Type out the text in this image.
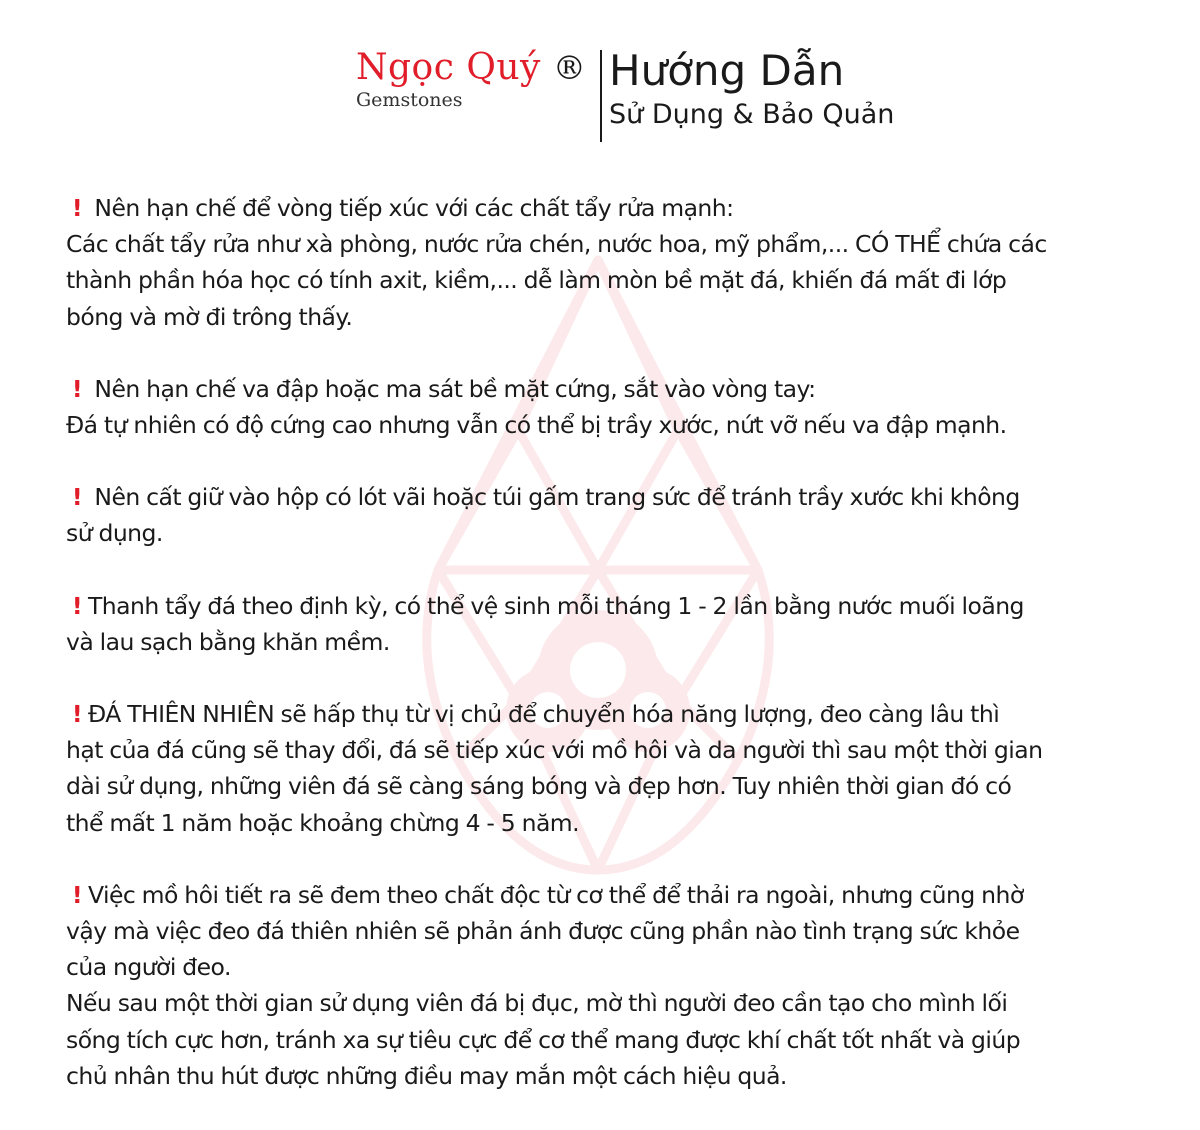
Ngọc Quý ®
Gemstones
Hướng Dẫn
Sử Dụng & Bảo Quản
! Nên hạn chế để vòng tiếp xúc với các chất tẩy rửa mạnh:
Các chất tẩy rửa như xà phòng, nước rửa chén, nước hoa, mỹ phẩm,... CÓ THỂ chứa các
thành phần hóa học có tính axit, kiềm,... dễ làm mòn bề mặt đá, khiến đá mất đi lớp
bóng và mờ đi trông thấy.
! Nên hạn chế va đập hoặc ma sát bề mặt cứng, sắt vào vòng tay:
Đá tự nhiên có độ cứng cao nhưng vẫn có thể bị trầy xước, nứt vỡ nếu va đập mạnh.
! Nên cất giữ vào hộp có lót vãi hoặc túi gấm trang sức để tránh trầy xước khi không
sử dụng.
! Thanh tẩy đá theo định kỳ, có thể vệ sinh mỗi tháng 1 - 2 lần bằng nước muối loãng
và lau sạch bằng khăn mềm.
! ĐÁ THIÊN NHIÊN sẽ hấp thụ từ vị chủ để chuyển hóa năng lượng, đeo càng lâu thì
hạt của đá cũng sẽ thay đổi, đá sẽ tiếp xúc với mồ hôi và da người thì sau một thời gian
dài sử dụng, những viên đá sẽ càng sáng bóng và đẹp hơn. Tuy nhiên thời gian đó có
thể mất 1 năm hoặc khoảng chừng 4 - 5 năm.
! Việc mồ hôi tiết ra sẽ đem theo chất độc từ cơ thể để thải ra ngoài, nhưng cũng nhờ
vậy mà việc đeo đá thiên nhiên sẽ phản ánh được cũng phần nào tình trạng sức khỏe
của người đeo.
Nếu sau một thời gian sử dụng viên đá bị đục, mờ thì người đeo cần tạo cho mình lối
sống tích cực hơn, tránh xa sự tiêu cực để cơ thể mang được khí chất tốt nhất và giúp
chủ nhân thu hút được những điều may mắn một cách hiệu quả.
